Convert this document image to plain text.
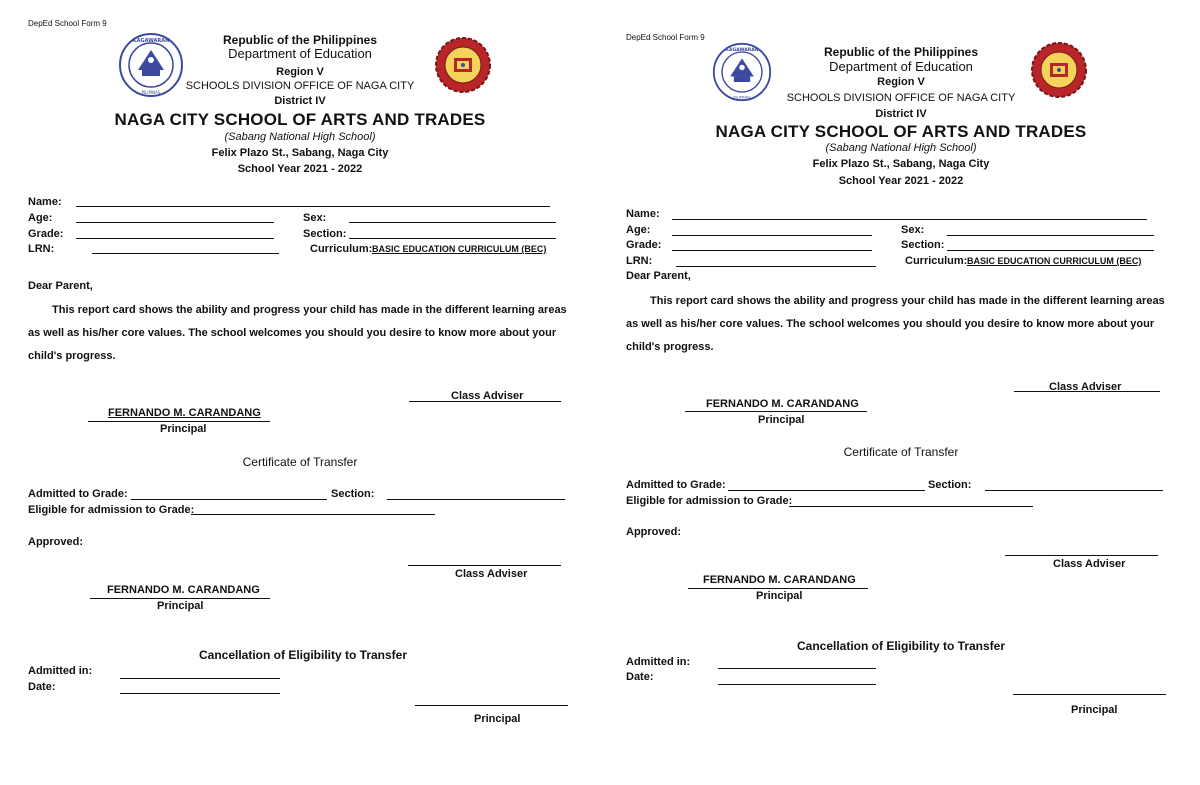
DepEd School Form 9
KAGAWARAN
PILIPINAS
Republic of the Philippines
Department of Education
Region V
SCHOOLS DIVISION OFFICE OF NAGA CITY
District IV
NAGA CITY SCHOOL OF ARTS AND TRADES
(Sabang National High School)
Felix Plazo St., Sabang, Naga City
School Year 2021 - 2022
Name:
Age:	Sex:
Grade:	Section:
LRN:	Curriculum: BASIC EDUCATION CURRICULUM (BEC)
Dear Parent,
This report card shows the ability and progress your child has made in the different learning areas as well as his/her core values. The school welcomes you should you desire to know more about your child's progress.
Class Adviser
FERNANDO M. CARANDANG
Principal
Certificate of Transfer
Admitted to Grade:	Section:
Eligible for admission to Grade:
Approved:
Class Adviser
FERNANDO M. CARANDANG
Principal
Cancellation of Eligibility to Transfer
Admitted in:
Date:
Principal
DepEd School Form 9
KAGAWARAN
PILIPINAS
Republic of the Philippines
Department of Education
Region V
SCHOOLS DIVISION OFFICE OF NAGA CITY
District IV
NAGA CITY SCHOOL OF ARTS AND TRADES
(Sabang National High School)
Felix Plazo St., Sabang, Naga City
School Year 2021 - 2022
Name:
Age:	Sex:
Grade:	Section:
LRN:	Curriculum: BASIC EDUCATION CURRICULUM (BEC)
Dear Parent,
This report card shows the ability and progress your child has made in the different learning areas as well as his/her core values. The school welcomes you should you desire to know more about your child's progress.
Class Adviser
FERNANDO M. CARANDANG
Principal
Certificate of Transfer
Admitted to Grade:	Section:
Eligible for admission to Grade:
Approved:
Class Adviser
FERNANDO M. CARANDANG
Principal
Cancellation of Eligibility to Transfer
Admitted in:
Date:
Principal
